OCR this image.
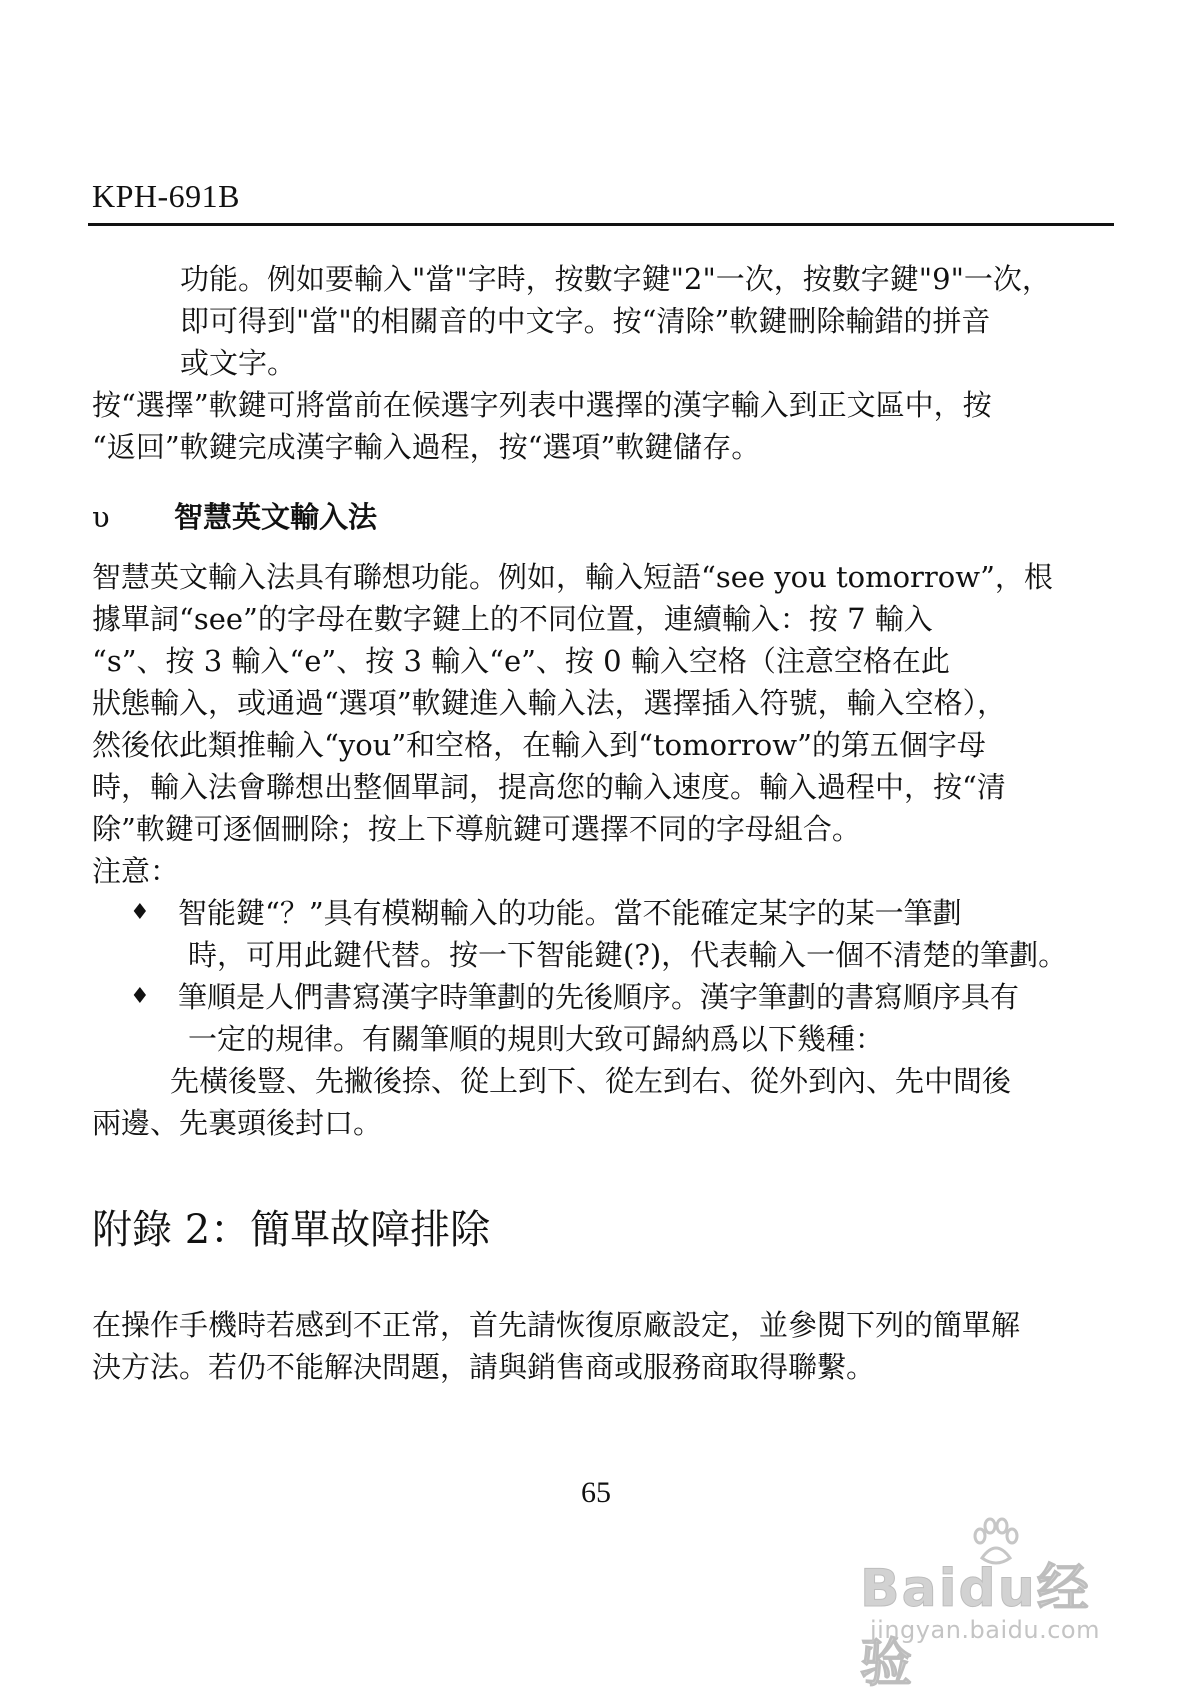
KPH-691B

功能。例如要輸入"當"字時，按數字鍵"2"一次，按數字鍵"9"一次，
即可得到"當"的相關音的中文字。按“清除”軟鍵刪除輸錯的拼音
或文字。

按“選擇”軟鍵可將當前在候選字列表中選擇的漢字輸入到正文區中，按
“返回”軟鍵完成漢字輸入過程，按“選項”軟鍵儲存。

υ 智慧英文輸入法

智慧英文輸入法具有聯想功能。例如，輸入短語“see you tomorrow”，根
據單詞“see”的字母在數字鍵上的不同位置，連續輸入：按 7 輸入
“s”、按 3 輸入“e”、按 3 輸入“e”、按 0 輸入空格（注意空格在此
狀態輸入，或通過“選項”軟鍵進入輸入法，選擇插入符號，輸入空格），
然後依此類推輸入“you”和空格，在輸入到“tomorrow”的第五個字母
時，輸入法會聯想出整個單詞，提高您的輸入速度。輸入過程中，按“清
除”軟鍵可逐個刪除；按上下導航鍵可選擇不同的字母組合。
注意：

♦ 智能鍵“？”具有模糊輸入的功能。當不能確定某字的某一筆劃
時，可用此鍵代替。按一下智能鍵(?)，代表輸入一個不清楚的筆劃。
♦ 筆順是人們書寫漢字時筆劃的先後順序。漢字筆劃的書寫順序具有
一定的規律。有關筆順的規則大致可歸納爲以下幾種：

先橫後豎、先撇後捺、從上到下、從左到右、從外到內、先中間後
兩邊、先裏頭後封口。

附錄 2：簡單故障排除

在操作手機時若感到不正常，首先請恢復原廠設定，並參閱下列的簡單解
決方法。若仍不能解決問題，請與銷售商或服務商取得聯繫。

65
Baidu经验
jingyan.baidu.com
